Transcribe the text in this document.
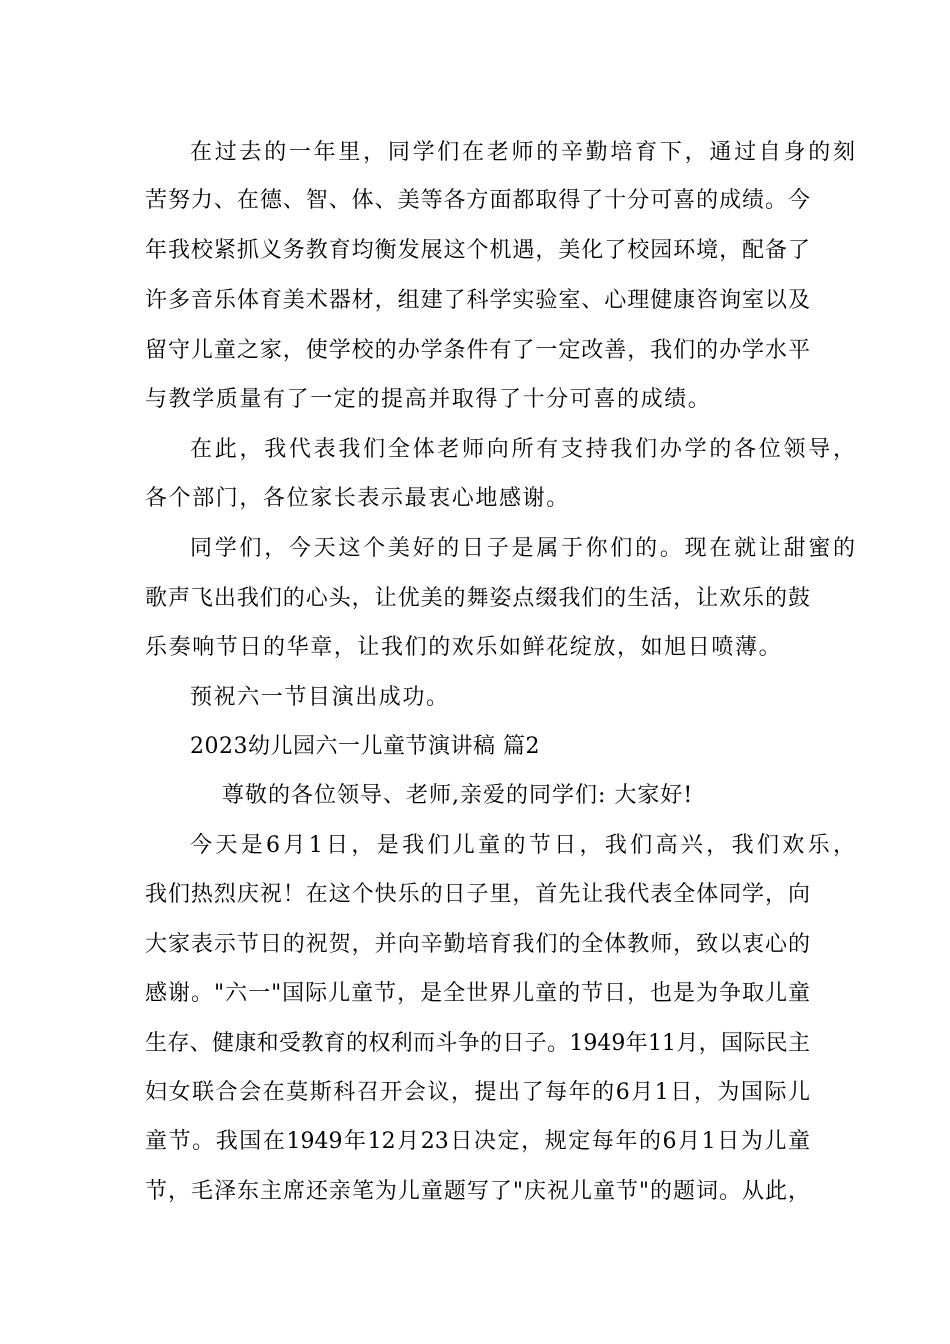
在过去的一年里，同学们在老师的辛勤培育下，通过自身的刻
苦努力、在德、智、体、美等各方面都取得了十分可喜的成绩。今
年我校紧抓义务教育均衡发展这个机遇，美化了校园环境，配备了
许多音乐体育美术器材，组建了科学实验室、心理健康咨询室以及
留守儿童之家，使学校的办学条件有了一定改善，我们的办学水平
与教学质量有了一定的提高并取得了十分可喜的成绩。
在此，我代表我们全体老师向所有支持我们办学的各位领导，
各个部门，各位家长表示最衷心地感谢。
同学们，今天这个美好的日子是属于你们的。现在就让甜蜜的
歌声飞出我们的心头，让优美的舞姿点缀我们的生活，让欢乐的鼓
乐奏响节日的华章，让我们的欢乐如鲜花绽放，如旭日喷薄。
预祝六一节目演出成功。
2023幼儿园六一儿童节演讲稿 篇2
尊敬的各位领导、老师,亲爱的同学们: 大家好!
今天是6月1日，是我们儿童的节日，我们高兴，我们欢乐，
我们热烈庆祝！在这个快乐的日子里，首先让我代表全体同学，向
大家表示节日的祝贺，并向辛勤培育我们的全体教师，致以衷心的
感谢。"六一"国际儿童节，是全世界儿童的节日，也是为争取儿童
生存、健康和受教育的权利而斗争的日子。1949年11月，国际民主
妇女联合会在莫斯科召开会议，提出了每年的6月1日，为国际儿
童节。我国在1949年12月23日决定，规定每年的6月1日为儿童
节，毛泽东主席还亲笔为儿童题写了"庆祝儿童节"的题词。从此，
